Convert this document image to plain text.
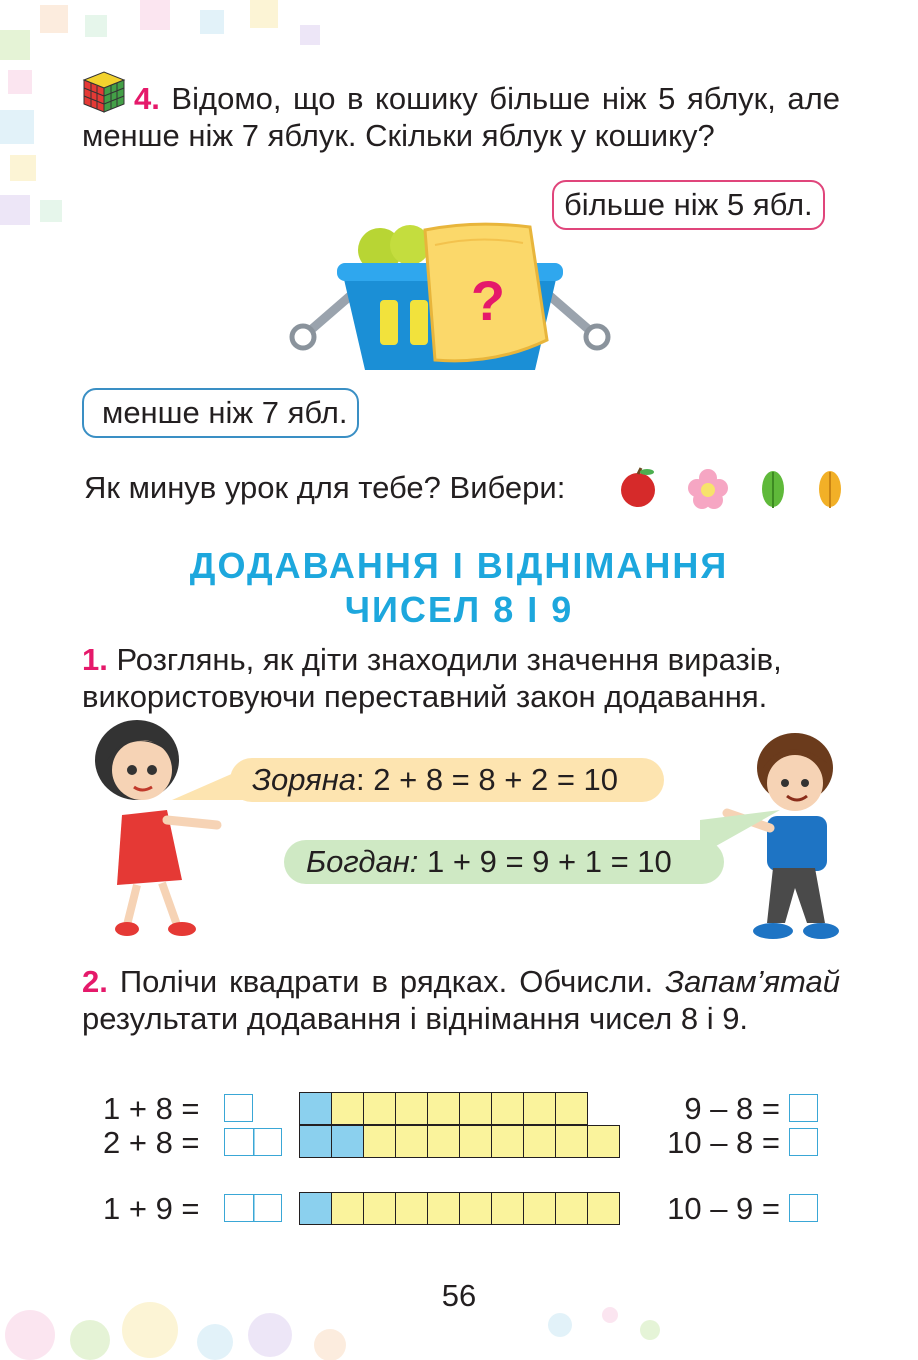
4. Відомо, що в кошику більше ніж 5 яблук, але менше ніж 7 яблук. Скільки яблук у кошику?
більше ніж 5 ябл.
?
менше ніж 7 ябл.
Як минув урок для тебе? Вибери:
ДОДАВАННЯ І ВІДНІМАННЯ
ЧИСЕЛ 8 І 9
1. Розглянь, як діти знаходили значення виразів, використовуючи переставний закон додавання.
Зоряна: 2 + 8 = 8 + 2 = 10
Богдан: 1 + 9 = 9 + 1 = 10
2. Полічи квадрати в рядках. Обчисли. Запам’ятай результати додавання і віднімання чисел 8 і 9.
1 + 8 =
2 + 8 =
1 + 9 =
9 – 8 =
10 – 8 =
10 – 9 =
56
